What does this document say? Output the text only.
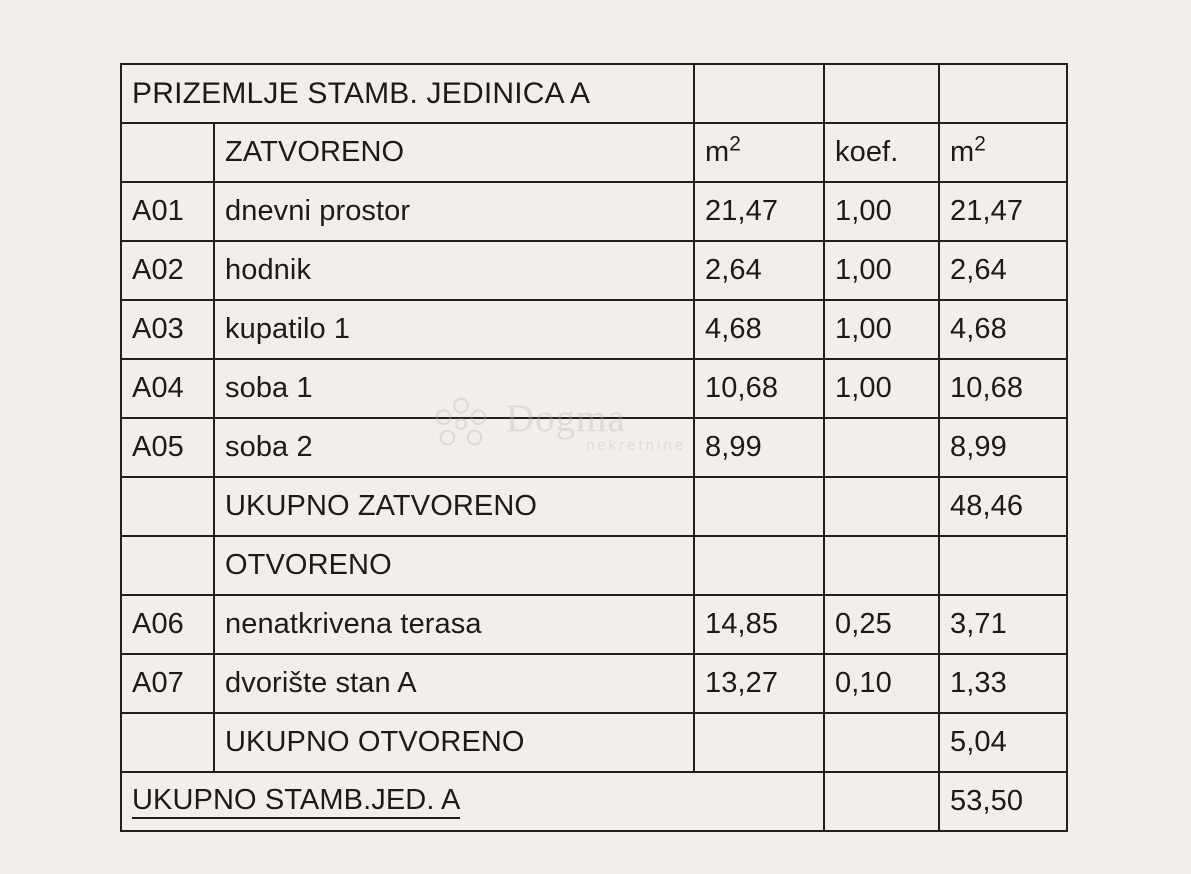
PRIZEMLJE STAMB. JEDINICA A				
	ZATVORENO	$m^2$	koef.	$m^2$
A01	dnevni prostor	21,47	1,00	21,47
A02	hodnik	2,64	1,00	2,64
A03	kupatilo 1	4,68	1,00	4,68
A04	soba 1	10,68	1,00	10,68
A05	soba 2	8,99		8,99
	UKUPNO ZATVORENO			48,46
	OTVORENO			
A06	nenatkrivena terasa	14,85	0,25	3,71
A07	dvorište stan A	13,27	0,10	1,33
	UKUPNO OTVORENO			5,04
UKUPNO STAMB.JED. A				53,50
Dogma
nekretnine
